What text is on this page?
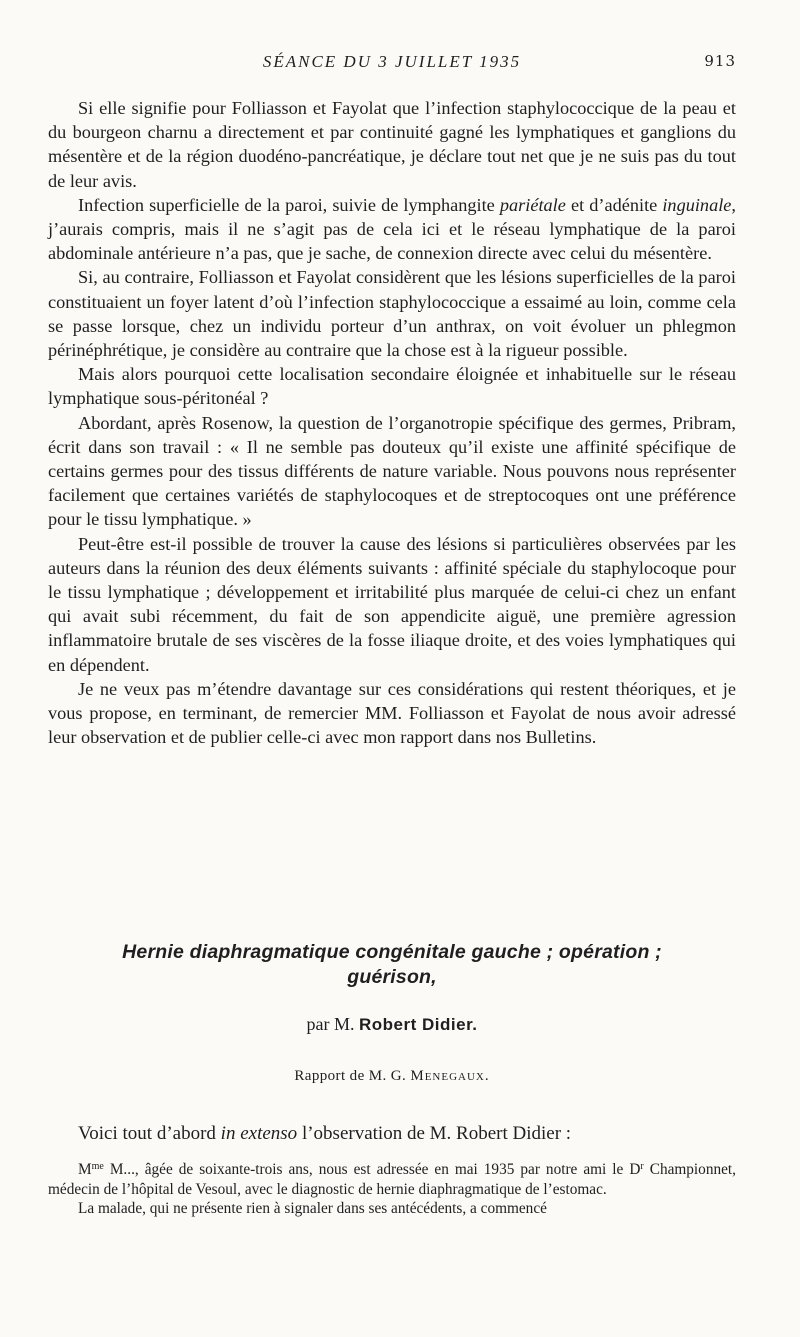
SÉANCE DU 3 JUILLET 1935	913

Si elle signifie pour Folliasson et Fayolat que l’infection staphylococcique de la peau et du bourgeon charnu a directement et par continuité gagné les lymphatiques et ganglions du mésentère et de la région duodéno-pancréatique, je déclare tout net que je ne suis pas du tout de leur avis.

Infection superficielle de la paroi, suivie de lymphangite pariétale et d’adénite inguinale, j’aurais compris, mais il ne s’agit pas de cela ici et le réseau lymphatique de la paroi abdominale antérieure n’a pas, que je sache, de connexion directe avec celui du mésentère.

Si, au contraire, Folliasson et Fayolat considèrent que les lésions superficielles de la paroi constituaient un foyer latent d’où l’infection staphylococcique a essaimé au loin, comme cela se passe lorsque, chez un individu porteur d’un anthrax, on voit évoluer un phlegmon périnéphrétique, je considère au contraire que la chose est à la rigueur possible.

Mais alors pourquoi cette localisation secondaire éloignée et inhabituelle sur le réseau lymphatique sous-péritonéal ?

Abordant, après Rosenow, la question de l’organotropie spécifique des germes, Pribram, écrit dans son travail : « Il ne semble pas douteux qu’il existe une affinité spécifique de certains germes pour des tissus différents de nature variable. Nous pouvons nous représenter facilement que certaines variétés de staphylocoques et de streptocoques ont une préférence pour le tissu lymphatique. »

Peut-être est-il possible de trouver la cause des lésions si particulières observées par les auteurs dans la réunion des deux éléments suivants : affinité spéciale du staphylocoque pour le tissu lymphatique ; développement et irritabilité plus marquée de celui-ci chez un enfant qui avait subi récemment, du fait de son appendicite aiguë, une première agression inflammatoire brutale de ses viscères de la fosse iliaque droite, et des voies lymphatiques qui en dépendent.

Je ne veux pas m’étendre davantage sur ces considérations qui restent théoriques, et je vous propose, en terminant, de remercier MM. Folliasson et Fayolat de nous avoir adressé leur observation et de publier celle-ci avec mon rapport dans nos Bulletins.

Hernie diaphragmatique congénitale gauche ; opération ;
guérison,
par M. Robert Didier.
Rapport de M. G. Menegaux.
Voici tout d’abord in extenso l’observation de M. Robert Didier :

$M^{me}$ M..., âgée de soixante-trois ans, nous est adressée en mai 1935 par notre ami le $D^r$ Championnet, médecin de l’hôpital de Vesoul, avec le diagnostic de hernie diaphragmatique de l’estomac.

La malade, qui ne présente rien à signaler dans ses antécédents, a commencé
